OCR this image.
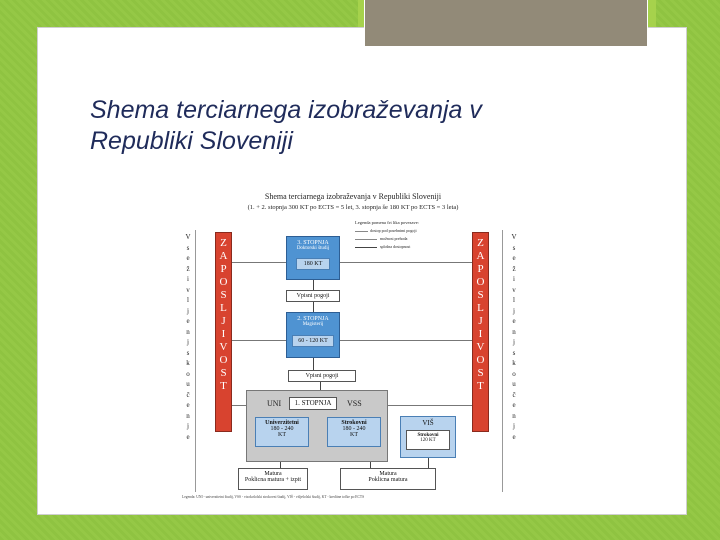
Shema terciarnega izobraževanja v
Republiki Sloveniji
Shema terciarnega izobraževanja v Republiki Sloveniji
(1. + 2. stopnja 300 KT po ECTS = 5 let, 3. stopnja še 180 KT po ECTS = 3 leta)
Legenda pomena črt lika povezave:
dostop pod posebnimi pogoji
možnost prehoda
splošna dostopnost
V
s
e
ž
i
v
l
j
e
n
j
s
k
o
u
č
e
n
j
e
Z
A
P
O
S
L
J
I
V
O
S
T
Z
A
P
O
S
L
J
I
V
O
S
T
V
s
e
ž
i
v
l
j
e
n
j
s
k
o
u
č
e
n
j
e
3. STOPNJA
Doktorski študij
180 KT
Vpisni pogoji
2. STOPNJA
Magisterij
60 - 120 KT
Vpisni pogoji
UNI	1. STOPNJA	VSS
Univerzitetni
180 - 240
KT
Strokovni
180 - 240
KT
VIŠ
Strokovni
120 KT
Matura
Poklicna matura + izpit
Matura
Poklicna matura
Legenda: UNI - univerzitetni študij, VSS - visokošolski strokovni študij, VIŠ - višješolski študij, KT - kreditne točke po ECTS
